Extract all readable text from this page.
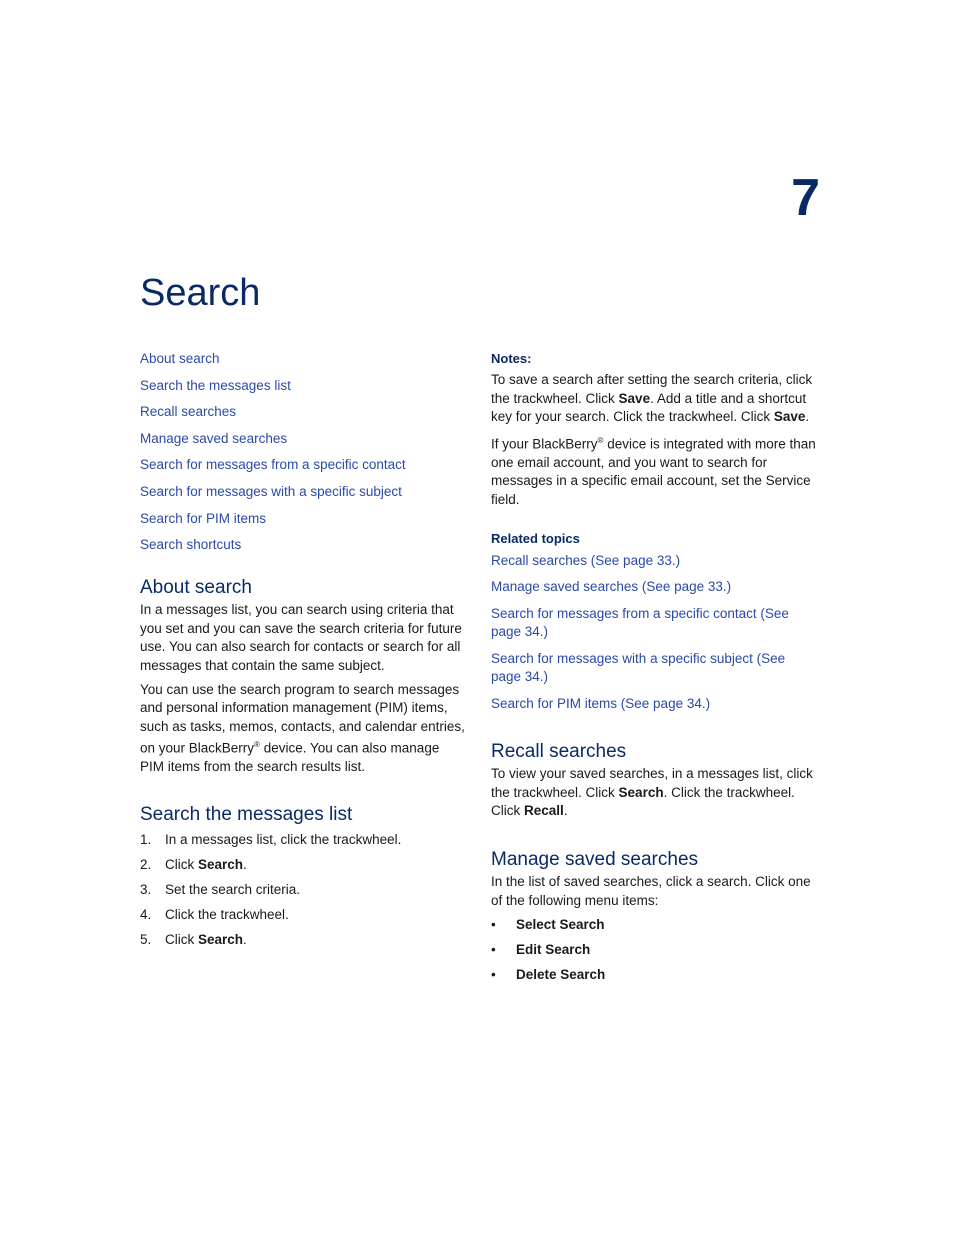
7
Search
About search
Search the messages list
Recall searches
Manage saved searches
Search for messages from a specific contact
Search for messages with a specific subject
Search for PIM items
Search shortcuts
About search

In a messages list, you can search using criteria that you set and you can save the search criteria for future use. You can also search for contacts or search for all messages that contain the same subject.

You can use the search program to search messages and personal information management (PIM) items, such as tasks, memos, contacts, and calendar entries, on your BlackBerry® device. You can also manage PIM items from the search results list.

Search the messages list
1.	In a messages list, click the trackwheel.
2.	Click Search.
3.	Set the search criteria.
4.	Click the trackwheel.
5.	Click Search.
Notes:

To save a search after setting the search criteria, click the trackwheel. Click Save. Add a title and a shortcut key for your search. Click the trackwheel. Click Save.

If your BlackBerry® device is integrated with more than one email account, and you want to search for messages in a specific email account, set the Service field.

Related topics
Recall searches (See page 33.)
Manage saved searches (See page 33.)
Search for messages from a specific contact (See page 34.)
Search for messages with a specific subject (See page 34.)
Search for PIM items (See page 34.)
Recall searches

To view your saved searches, in a messages list, click the trackwheel. Click Search. Click the trackwheel. Click Recall.

Manage saved searches

In the list of saved searches, click a search. Click one of the following menu items:

•	Select Search
•	Edit Search
•	Delete Search
